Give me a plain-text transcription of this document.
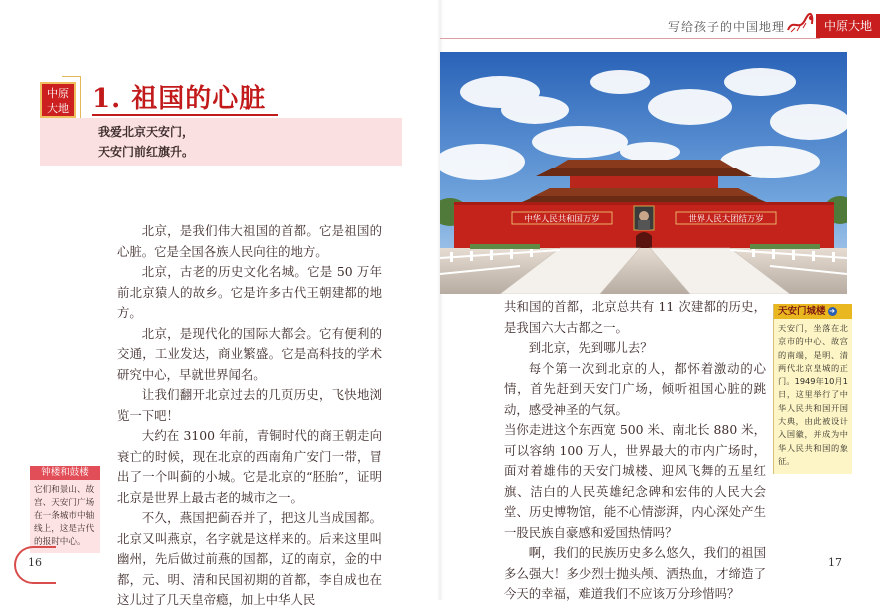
中原
大地 1. 祖国的心脏
我爱北京天安门，
天安门前红旗升。

北京，是我们伟大祖国的首都。它是祖国的心脏。它是全国各族人民向往的地方。

北京，古老的历史文化名城。它是 50 万年前北京猿人的故乡。它是许多古代王朝建都的地方。

北京，是现代化的国际大都会。它有便利的交通，工业发达，商业繁盛。它是高科技的学术研究中心，早就世界闻名。

让我们翻开北京过去的几页历史，飞快地浏览一下吧！

大约在 3100 年前，青铜时代的商王朝走向衰亡的时候，现在北京的西南角广安门一带，冒出了一个叫蓟的小城。它是北京的“胚胎”，证明北京是世界上最古老的城市之一。

不久，燕国把蓟吞并了，把这儿当成国都。北京又叫燕京，名字就是这样来的。后来这里叫幽州，先后做过前燕的国都，辽的南京，金的中都，元、明、清和民国初期的首都，李自成也在这儿过了几天皇帝瘾，加上中华人民

钟楼和鼓楼
它们和景山、故宫、天安门广场在一条城市中轴线上，这是古代的报时中心。
16
写给孩子的中国地理	中原大地
中华人民共和国万岁	世界人民大团结万岁

共和国的首都，北京总共有 11 次建都的历史，是我国六大古都之一。

到北京，先到哪儿去？

每个第一次到北京的人，都怀着激动的心情，首先赶到天安门广场，倾听祖国心脏的跳动，感受神圣的气氛。

当你走进这个东西宽 500 米、南北长 880 米，可以容纳 100 万人，世界最大的市内广场时，面对着雄伟的天安门城楼、迎风飞舞的五星红旗、洁白的人民英雄纪念碑和宏伟的人民大会堂、历史博物馆，能不心情澎湃，内心深处产生一股民族自豪感和爱国热情吗？

啊，我们的民族历史多么悠久，我们的祖国多么强大！多少烈士抛头颅、洒热血，才缔造了今天的幸福，难道我们不应该万分珍惜吗？

天安门城楼 ➜
天安门，坐落在北京市的中心、故宫的南端，是明、清两代北京皇城的正门。1949年10月1日，这里举行了中华人民共和国开国大典，由此被设计入国徽，并成为中华人民共和国的象征。
17
